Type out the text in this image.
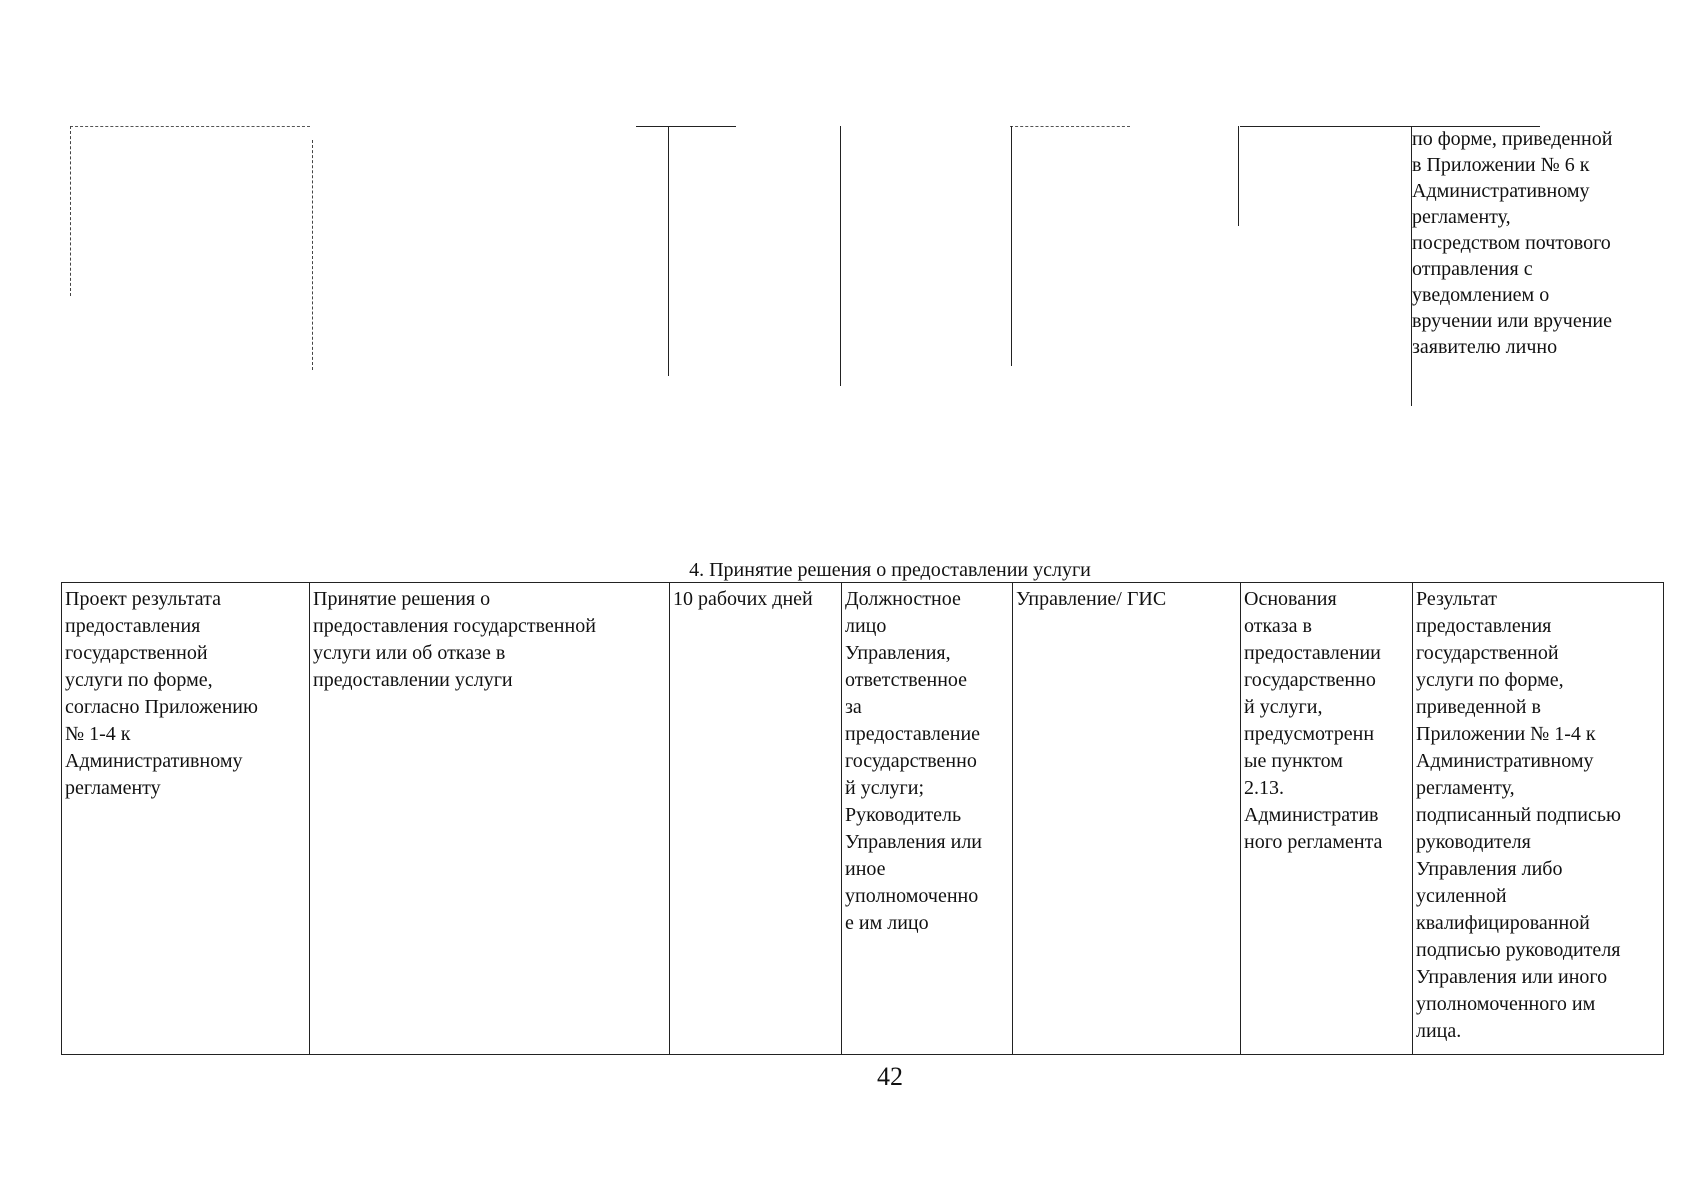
по форме, приведенной
в Приложении № 6 к
Административному
регламенту,
посредством почтового
отправления с
уведомлением о
вручении или вручение
заявителю лично
4. Принятие решения о предоставлении услуги
Проект результата
предоставления
государственной
услуги по форме,
согласно Приложению
№ 1-4 к
Административному
регламенту	Принятие решения о
предоставления государственной
услуги или об отказе в
предоставлении услуги	10 рабочих дней	Должностное
лицо
Управления,
ответственное
за
предоставление
государственно
й услуги;
Руководитель
Управления или
иное
уполномоченно
е им лицо	Управление/ ГИС	Основания
отказа в
предоставлении
государственно
й услуги,
предусмотренн
ые пунктом
2.13.
Административ
ного регламента	Результат
предоставления
государственной
услуги по форме,
приведенной в
Приложении № 1-4 к
Административному
регламенту,
подписанный подписью
руководителя
Управления либо
усиленной
квалифицированной
подписью руководителя
Управления или иного
уполномоченного им
лица.
42
